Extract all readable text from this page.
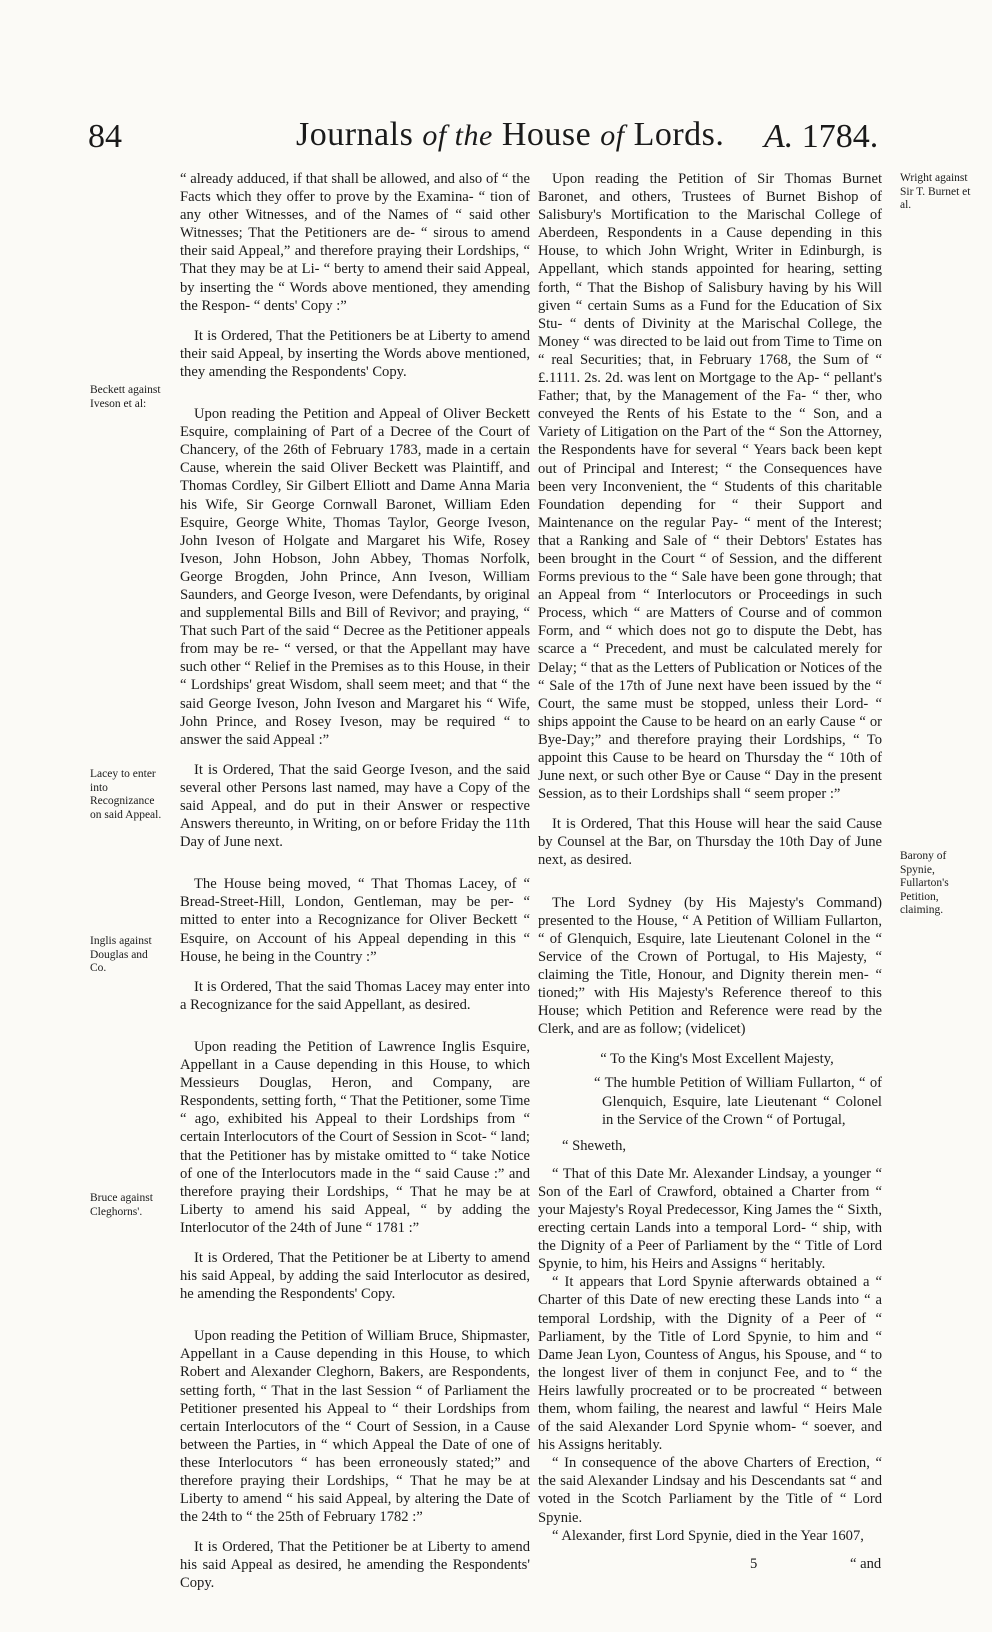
84	Journals of the House of Lords. A. 1784.
Beckett against Iveson et al:
Lacey to enter into Recognizance on said Appeal.
Inglis against Douglas and Co.
Bruce against Cleghorns'.
Wright against Sir T. Burnet et al.
Barony of Spynie, Fullarton's Petition, claiming.

“ already adduced, if that shall be allowed, and also of “ the Facts which they offer to prove by the Examina- “ tion of any other Witnesses, and of the Names of “ said other Witnesses; That the Petitioners are de- “ sirous to amend their said Appeal,” and therefore praying their Lordships, “ That they may be at Li- “ berty to amend their said Appeal, by inserting the “ Words above mentioned, they amending the Respon- “ dents' Copy :”

It is Ordered, That the Petitioners be at Liberty to amend their said Appeal, by inserting the Words above mentioned, they amending the Respondents' Copy.

Upon reading the Petition and Appeal of Oliver Beckett Esquire, complaining of Part of a Decree of the Court of Chancery, of the 26th of February 1783, made in a certain Cause, wherein the said Oliver Beckett was Plaintiff, and Thomas Cordley, Sir Gilbert Elliott and Dame Anna Maria his Wife, Sir George Cornwall Baronet, William Eden Esquire, George White, Thomas Taylor, George Iveson, John Iveson of Holgate and Margaret his Wife, Rosey Iveson, John Hobson, John Abbey, Thomas Norfolk, George Brogden, John Prince, Ann Iveson, William Saunders, and George Iveson, were Defendants, by original and supplemental Bills and Bill of Revivor; and praying, “ That such Part of the said “ Decree as the Petitioner appeals from may be re- “ versed, or that the Appellant may have such other “ Relief in the Premises as to this House, in their “ Lordships' great Wisdom, shall seem meet; and that “ the said George Iveson, John Iveson and Margaret his “ Wife, John Prince, and Rosey Iveson, may be required “ to answer the said Appeal :”

It is Ordered, That the said George Iveson, and the said several other Persons last named, may have a Copy of the said Appeal, and do put in their Answer or respective Answers thereunto, in Writing, on or before Friday the 11th Day of June next.

The House being moved, “ That Thomas Lacey, of “ Bread-Street-Hill, London, Gentleman, may be per- “ mitted to enter into a Recognizance for Oliver Beckett “ Esquire, on Account of his Appeal depending in this “ House, he being in the Country :”

It is Ordered, That the said Thomas Lacey may enter into a Recognizance for the said Appellant, as desired.

Upon reading the Petition of Lawrence Inglis Esquire, Appellant in a Cause depending in this House, to which Messieurs Douglas, Heron, and Company, are Respondents, setting forth, “ That the Petitioner, some Time “ ago, exhibited his Appeal to their Lordships from “ certain Interlocutors of the Court of Session in Scot- “ land; that the Petitioner has by mistake omitted to “ take Notice of one of the Interlocutors made in the “ said Cause :” and therefore praying their Lordships, “ That he may be at Liberty to amend his said Appeal, “ by adding the Interlocutor of the 24th of June “ 1781 :”

It is Ordered, That the Petitioner be at Liberty to amend his said Appeal, by adding the said Interlocutor as desired, he amending the Respondents' Copy.

Upon reading the Petition of William Bruce, Shipmaster, Appellant in a Cause depending in this House, to which Robert and Alexander Cleghorn, Bakers, are Respondents, setting forth, “ That in the last Session “ of Parliament the Petitioner presented his Appeal to “ their Lordships from certain Interlocutors of the “ Court of Session, in a Cause between the Parties, in “ which Appeal the Date of one of these Interlocutors “ has been erroneously stated;” and therefore praying their Lordships, “ That he may be at Liberty to amend “ his said Appeal, by altering the Date of the 24th to “ the 25th of February 1782 :”

It is Ordered, That the Petitioner be at Liberty to amend his said Appeal as desired, he amending the Respondents' Copy.

Upon reading the Petition of Sir Thomas Burnet Baronet, and others, Trustees of Burnet Bishop of Salisbury's Mortification to the Marischal College of Aberdeen, Respondents in a Cause depending in this House, to which John Wright, Writer in Edinburgh, is Appellant, which stands appointed for hearing, setting forth, “ That the Bishop of Salisbury having by his Will given “ certain Sums as a Fund for the Education of Six Stu- “ dents of Divinity at the Marischal College, the Money “ was directed to be laid out from Time to Time on “ real Securities; that, in February 1768, the Sum of “ £.1111. 2s. 2d. was lent on Mortgage to the Ap- “ pellant's Father; that, by the Management of the Fa- “ ther, who conveyed the Rents of his Estate to the “ Son, and a Variety of Litigation on the Part of the “ Son the Attorney, the Respondents have for several “ Years back been kept out of Principal and Interest; “ the Consequences have been very Inconvenient, the “ Students of this charitable Foundation depending for “ their Support and Maintenance on the regular Pay- “ ment of the Interest; that a Ranking and Sale of “ their Debtors' Estates has been brought in the Court “ of Session, and the different Forms previous to the “ Sale have been gone through; that an Appeal from “ Interlocutors or Proceedings in such Process, which “ are Matters of Course and of common Form, and “ which does not go to dispute the Debt, has scarce a “ Precedent, and must be calculated merely for Delay; “ that as the Letters of Publication or Notices of the “ Sale of the 17th of June next have been issued by the “ Court, the same must be stopped, unless their Lord- “ ships appoint the Cause to be heard on an early Cause “ or Bye-Day;” and therefore praying their Lordships, “ To appoint this Cause to be heard on Thursday the “ 10th of June next, or such other Bye or Cause “ Day in the present Session, as to their Lordships shall “ seem proper :”

It is Ordered, That this House will hear the said Cause by Counsel at the Bar, on Thursday the 10th Day of June next, as desired.

The Lord Sydney (by His Majesty's Command) presented to the House, “ A Petition of William Fullarton, “ of Glenquich, Esquire, late Lieutenant Colonel in the “ Service of the Crown of Portugal, to His Majesty, “ claiming the Title, Honour, and Dignity therein men- “ tioned;” with His Majesty's Reference thereof to this House; which Petition and Reference were read by the Clerk, and are as follow; (videlicet)

“ To the King's Most Excellent Majesty,

“ The humble Petition of William Fullarton, “ of Glenquich, Esquire, late Lieutenant “ Colonel in the Service of the Crown “ of Portugal,

“ Sheweth,

“ That of this Date Mr. Alexander Lindsay, a younger “ Son of the Earl of Crawford, obtained a Charter from “ your Majesty's Royal Predecessor, King James the “ Sixth, erecting certain Lands into a temporal Lord- “ ship, with the Dignity of a Peer of Parliament by the “ Title of Lord Spynie, to him, his Heirs and Assigns “ heritably.

“ It appears that Lord Spynie afterwards obtained a “ Charter of this Date of new erecting these Lands into “ a temporal Lordship, with the Dignity of a Peer of “ Parliament, by the Title of Lord Spynie, to him and “ Dame Jean Lyon, Countess of Angus, his Spouse, and “ to the longest liver of them in conjunct Fee, and to “ the Heirs lawfully procreated or to be procreated “ between them, whom failing, the nearest and lawful “ Heirs Male of the said Alexander Lord Spynie whom- “ soever, and his Assigns heritably.

“ In consequence of the above Charters of Erection, “ the said Alexander Lindsay and his Descendants sat “ and voted in the Scotch Parliament by the Title of “ Lord Spynie.

“ Alexander, first Lord Spynie, died in the Year 1607,

5	“ and
